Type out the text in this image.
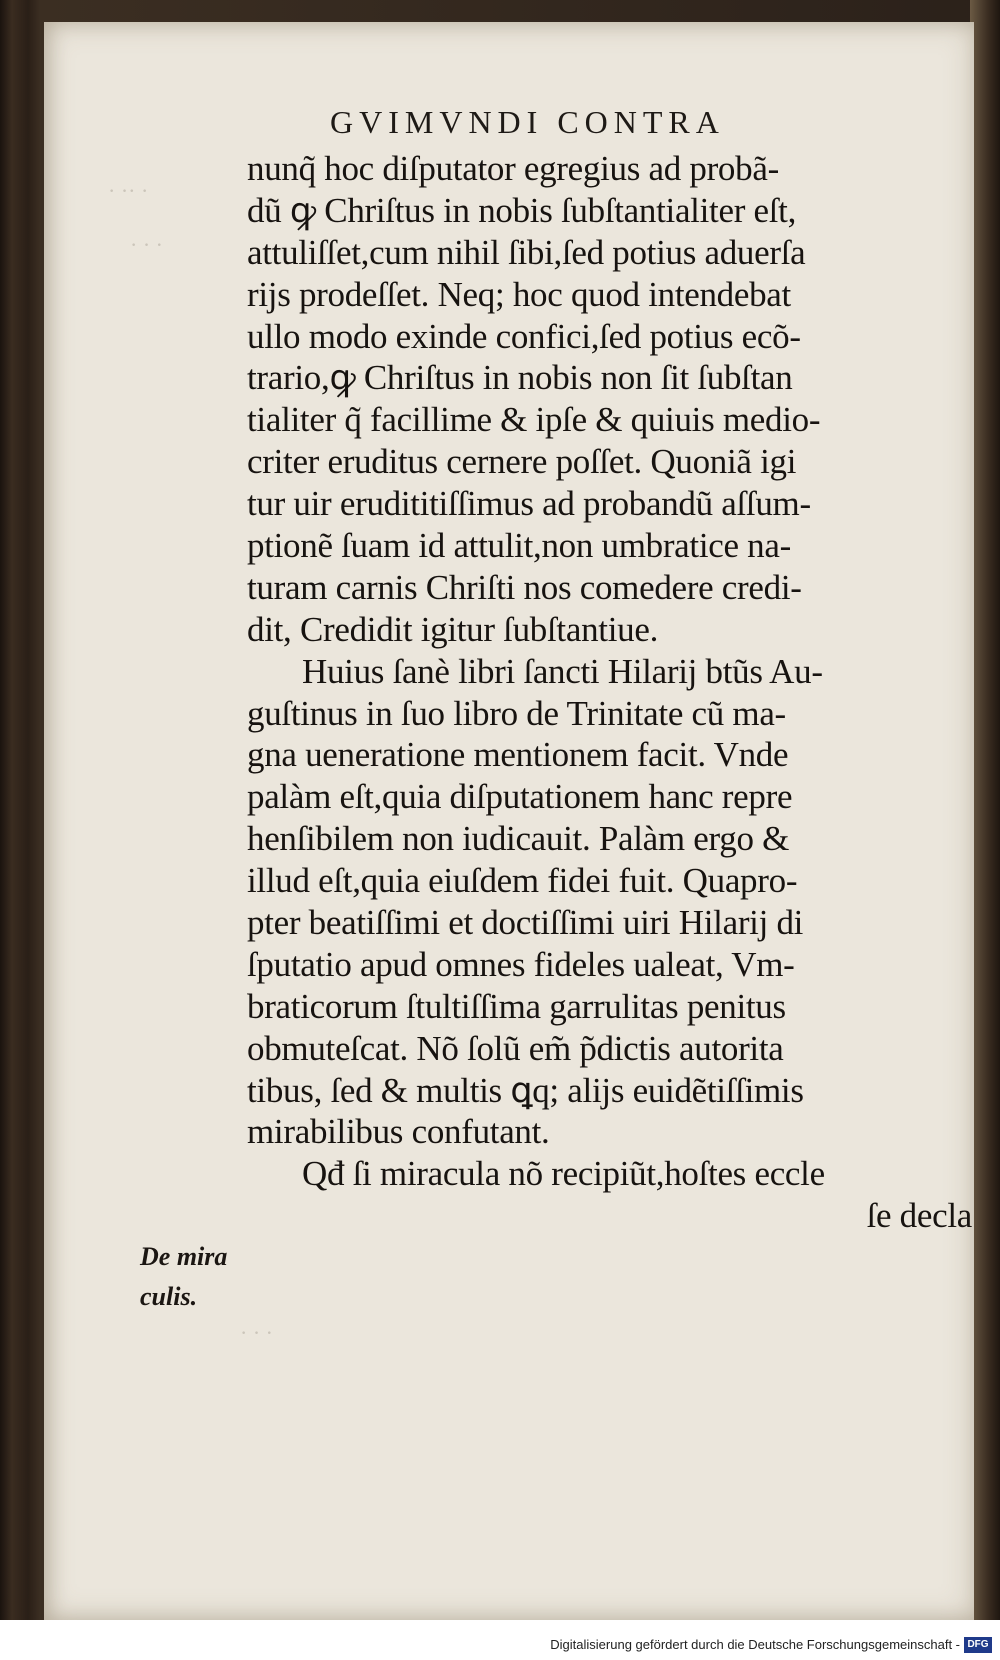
· ·· ·
· · ·
· · ·
GVIMVNDI CONTRA
nunq̃ hoc diſputator egregius ad probã-
dũ ꝙ Chriſtus in nobis ſubſtantialiter eſt,
attuliſſet,cum nihil ſibi,ſed potius aduerſa
rijs prodeſſet. Neq; hoc quod intendebat
ullo modo exinde confici,ſed potius ecõ-
trario,ꝙ Chriſtus in nobis non ſit ſubſtan
tialiter q̃ facillime & ipſe & quiuis medio-
criter eruditus cernere poſſet. Quoniã igi
tur uir erudititiſſimus ad probandũ aſſum-
ptionẽ ſuam id attulit,non umbratice na-
turam carnis Chriſti nos comedere credi-
dit, Credidit igitur ſubſtantiue.
Huius ſanè libri ſancti Hilarij btũs Au-
guſtinus in ſuo libro de Trinitate cũ ma-
gna ueneratione mentionem facit. Vnde
palàm eſt,quia diſputationem hanc repre
henſibilem non iudicauit. Palàm ergo &
illud eſt,quia eiuſdem fidei fuit. Quapro-
pter beatiſſimi et doctiſſimi uiri Hilarij di
ſputatio apud omnes fideles ualeat, Vm-
braticorum ſtultiſſima garrulitas penitus
obmuteſcat. Nõ ſolũ em̃ p̃dictis autorita
tibus, ſed & multis ꝗq; alijs euidẽtiſſimis
mirabilibus confutant.
Qđ ſi miracula nõ recipiũt,hoſtes eccle
ſe decla
De mira
culis.
Digitalisierung gefördert durch die Deutsche Forschungsgemeinschaft - DFG
